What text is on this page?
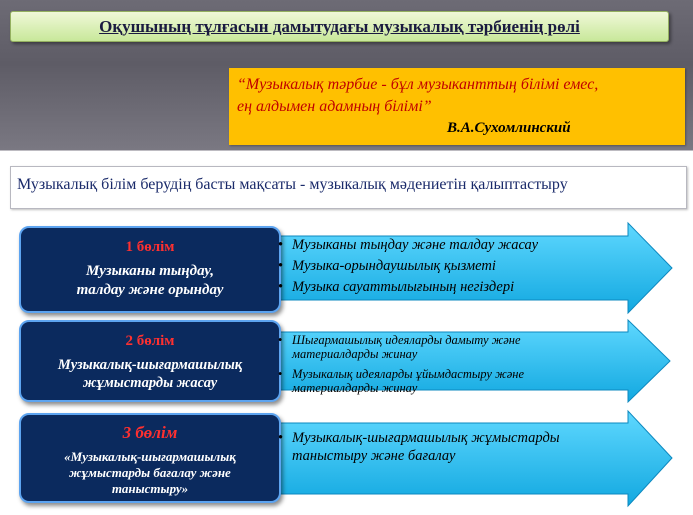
Оқушының тұлғасын дамытудағы музыкалық тәрбиенің рөлі
“Музыкалық тәрбие - бұл музыканттың білімі емес,
ең алдымен адамның білімі”
В.А.Сухомлинский
Музыкалық білім берудің басты мақсаты - музыкалық мәдениетін қалыптастыру
1 бөлім
Музыканы тыңдау,
талдау және орындау
• Музыканы тыңдау және талдау жасау
• Музыка-орындаушылық қызметі
• Музыка сауаттылығының негіздері
2 бөлім
Музыкалық-шығармашылық
жұмыстарды жасау
• Шығармашылық идеяларды дамыту және
материалдарды жинау
• Музыкалық идеяларды ұйымдастыру және
материалдарды жинау
3 бөлім
«Музыкалық-шығармашылық
жұмыстарды бағалау және
таныстыру»
• Музыкалық-шығармашылық жұмыстарды
таныстыру және бағалау
